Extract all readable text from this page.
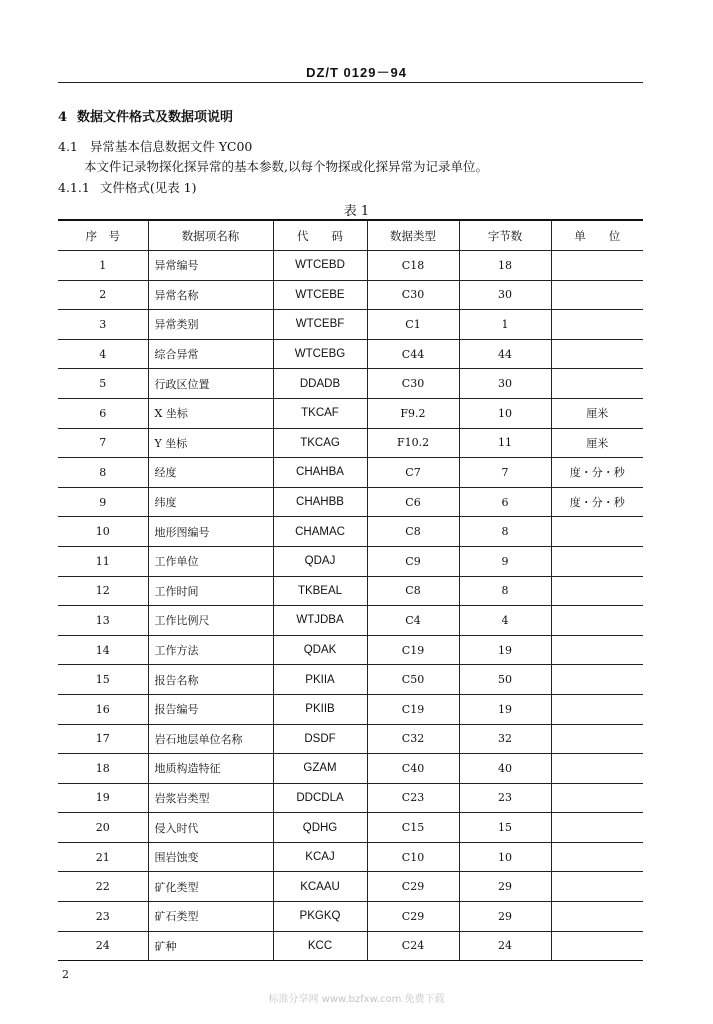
DZ/T 0129－94
4 数据文件格式及数据项说明
4.1 异常基本信息数据文件 YC00
本文件记录物探化探异常的基本参数,以每个物探或化探异常为记录单位。
4.1.1 文件格式(见表 1)
表 1
序　号	数据项名称	代　　码	数据类型	字节数	单　　位
1	异常编号	WTCEBD	C18	18	
2	异常名称	WTCEBE	C30	30	
3	异常类别	WTCEBF	C1	1	
4	综合异常	WTCEBG	C44	44	
5	行政区位置	DDADB	C30	30	
6	X 坐标	TKCAF	F9.2	10	厘米
7	Y 坐标	TKCAG	F10.2	11	厘米
8	经度	CHAHBA	C7	7	度・分・秒
9	纬度	CHAHBB	C6	6	度・分・秒
10	地形图编号	CHAMAC	C8	8	
11	工作单位	QDAJ	C9	9	
12	工作时间	TKBEAL	C8	8	
13	工作比例尺	WTJDBA	C4	4	
14	工作方法	QDAK	C19	19	
15	报告名称	PKIIA	C50	50	
16	报告编号	PKIIB	C19	19	
17	岩石地层单位名称	DSDF	C32	32	
18	地质构造特征	GZAM	C40	40	
19	岩浆岩类型	DDCDLA	C23	23	
20	侵入时代	QDHG	C15	15	
21	围岩蚀变	KCAJ	C10	10	
22	矿化类型	KCAAU	C29	29	
23	矿石类型	PKGKQ	C29	29	
24	矿种	KCC	C24	24	
2
标准分享网 www.bzfxw.com 免费下载
